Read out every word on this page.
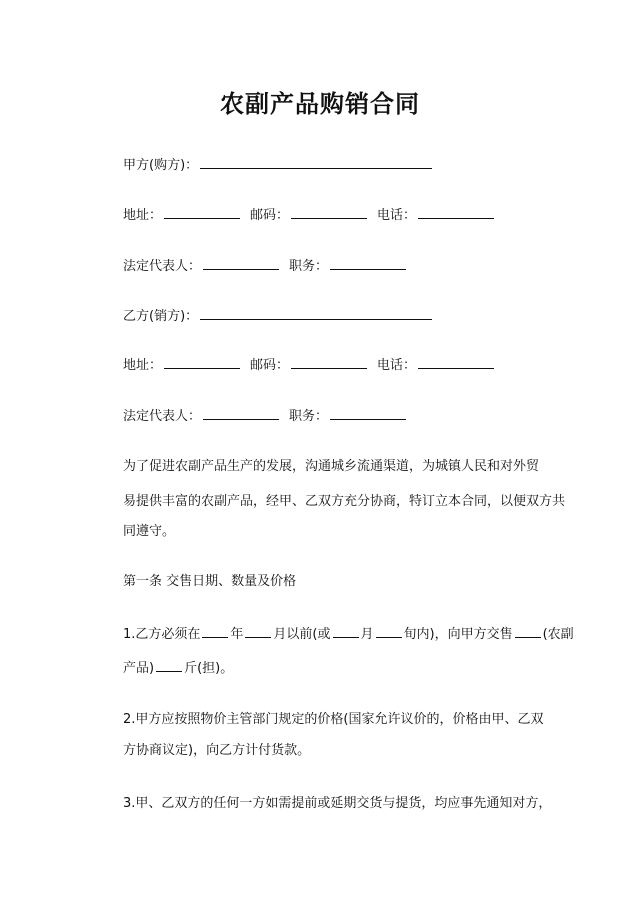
农副产品购销合同
甲方(购方)：
地址：	邮码：	电话：
法定代表人：	职务：
乙方(销方)：
地址：	邮码：	电话：
法定代表人：	职务：
为了促进农副产品生产的发展，沟通城乡流通渠道，为城镇人民和对外贸
易提供丰富的农副产品，经甲、乙双方充分协商，特订立本合同，以便双方共
同遵守。
第一条 交售日期、数量及价格
1.乙方必须在 年 月以前(或 月 旬内)，向甲方交售 (农副
产品) 斤(担)。
2.甲方应按照物价主管部门规定的价格(国家允许议价的，价格由甲、乙双
方协商议定)，向乙方计付货款。
3.甲、乙双方的任何一方如需提前或延期交货与提货，均应事先通知对方，
